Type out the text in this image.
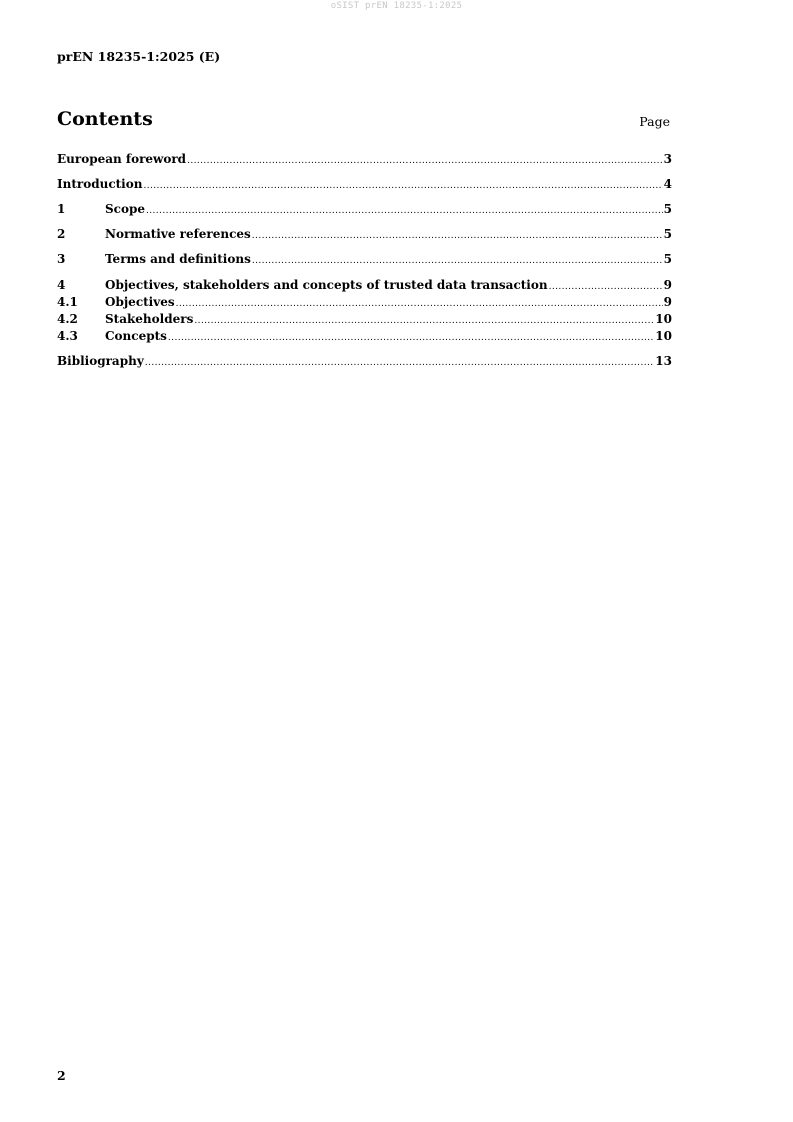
oSIST prEN 18235-1:2025
prEN 18235-1:2025 (E)
Contents	Page
European foreword .....	3
Introduction .....	4
1	Scope .....	5
2	Normative references .....	5
3	Terms and definitions .....	5
4	Objectives, stakeholders and concepts of trusted data transaction .....	9
4.1	Objectives .....	9
4.2	Stakeholders .....	10
4.3	Concepts .....	10
Bibliography .....	13
2
